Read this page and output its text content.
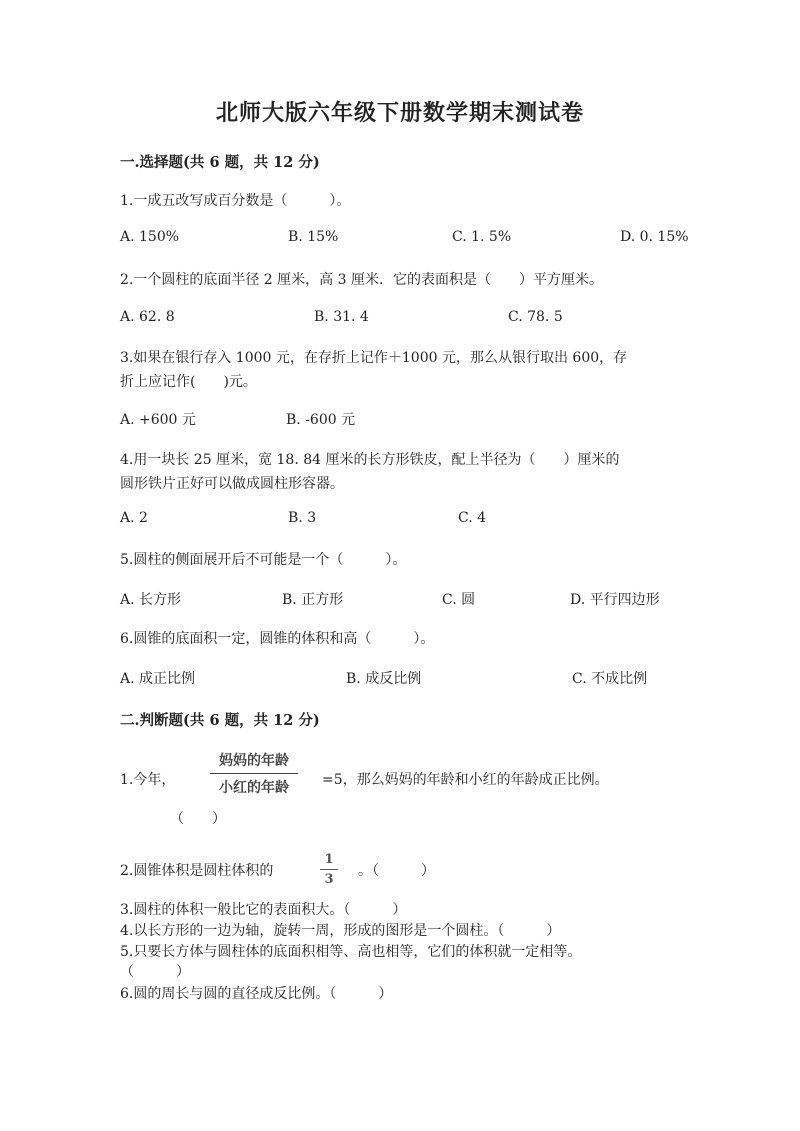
北师大版六年级下册数学期末测试卷
一.选择题(共 6 题，共 12 分)
1.一成五改写成百分数是（　　　）。
A. 150%	B. 15%	C. 1. 5%	D. 0. 15%
2.一个圆柱的底面半径 2 厘米，高 3 厘米．它的表面积是（　　）平方厘米。
A. 62. 8	B. 31. 4	C. 78. 5
3.如果在银行存入 1000 元，在存折上记作＋1000 元，那么从银行取出 600，存
折上应记作(　　)元。
A. +600 元	B. -600 元
4.用一块长 25 厘米，宽 18. 84 厘米的长方形铁皮，配上半径为（　　）厘米的
圆形铁片正好可以做成圆柱形容器。
A. 2	B. 3	C. 4
5.圆柱的侧面展开后不可能是一个（　　　）。
A. 长方形	B. 正方形	C. 圆	D. 平行四边形
6.圆锥的底面积一定，圆锥的体积和高（　　　）。
A. 成正比例	B. 成反比例	C. 不成比例
二.判断题(共 6 题，共 12 分)
1.今年，
妈妈的年龄
小红的年龄	=5，那么妈妈的年龄和小红的年龄成正比例。
（　　）
2.圆锥体积是圆柱体积的	$\frac{1}{3}$ 。（　　　）
3.圆柱的体积一般比它的表面积大。（　　　）
4.以长方形的一边为轴，旋转一周，形成的图形是一个圆柱。（　　　）
5.只要长方体与圆柱体的底面积相等、高也相等，它们的体积就一定相等。
（　　　）
6.圆的周长与圆的直径成反比例。（　　　）
